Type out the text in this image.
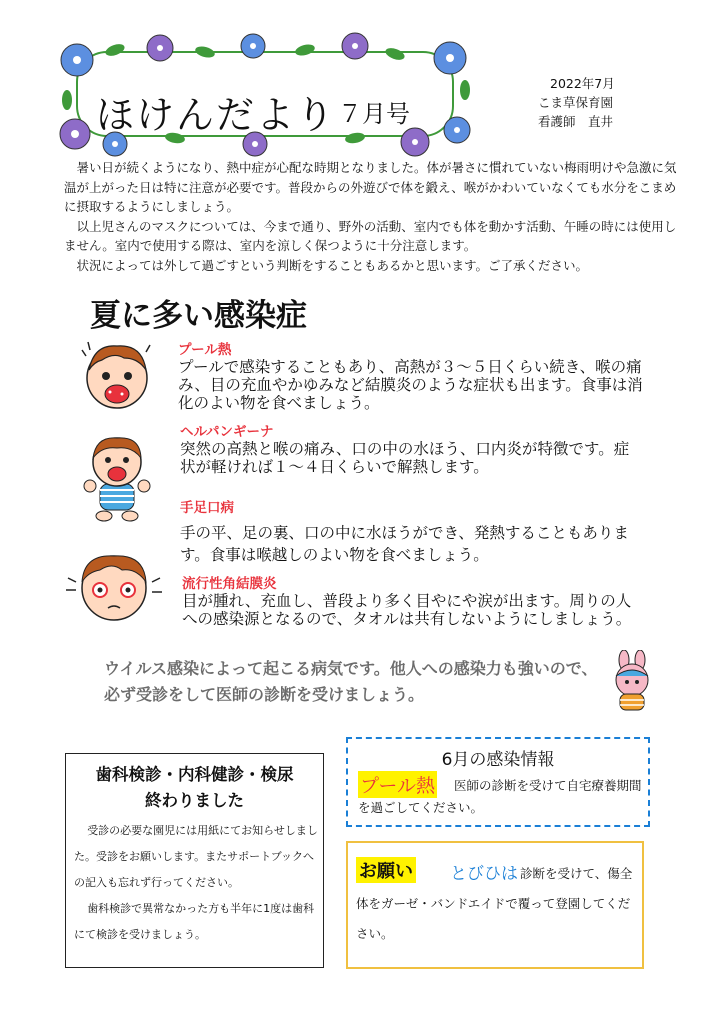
ほけんだより ７月号
2022年7月
こま草保育園
看護師　直井

暑い日が続くようになり、熱中症が心配な時期となりました。体が暑さに慣れていない梅雨明けや急激に気温が上がった日は特に注意が必要です。普段からの外遊びで体を鍛え、喉がかわいていなくても水分をこまめに摂取するようにしましょう。

以上児さんのマスクについては、今まで通り、野外の活動、室内でも体を動かす活動、午睡の時には使用しません。室内で使用する際は、室内を涼しく保つように十分注意します。

状況によっては外して過ごすという判断をすることもあるかと思います。ご了承ください。

夏に多い感染症
プール熱
プールで感染することもあり、高熱が３～５日くらい続き、喉の痛み、目の充血やかゆみなど結膜炎のような症状も出ます。食事は消化のよい物を食べましょう。
ヘルパンギーナ
突然の高熱と喉の痛み、口の中の水ほう、口内炎が特徴です。症状が軽ければ１～４日くらいで解熱します。
手足口病
手の平、足の裏、口の中に水ほうができ、発熱することもあります。食事は喉越しのよい物を食べましょう。
流行性角結膜炎
目が腫れ、充血し、普段より多く目やにや涙が出ます。周りの人への感染源となるので、タオルは共有しないようにしましょう。
ウイルス感染によって起こる病気です。他人への感染力も強いので、必ず受診をして医師の診断を受けましょう。
歯科検診・内科健診・検尿
終わりました

受診の必要な園児には用紙にてお知らせしました。受診をお願いします。またサポートブックへの記入も忘れず行ってください。

歯科検診で異常なかった方も半年に1度は歯科にて検診を受けましょう。

6月の感染情報
医師の診断を受けて自宅療養期間を過ごしてください。
プール熱
診断を受けて、傷全体をガーゼ・バンドエイドで覆って登園してください。
お願い とびひは
